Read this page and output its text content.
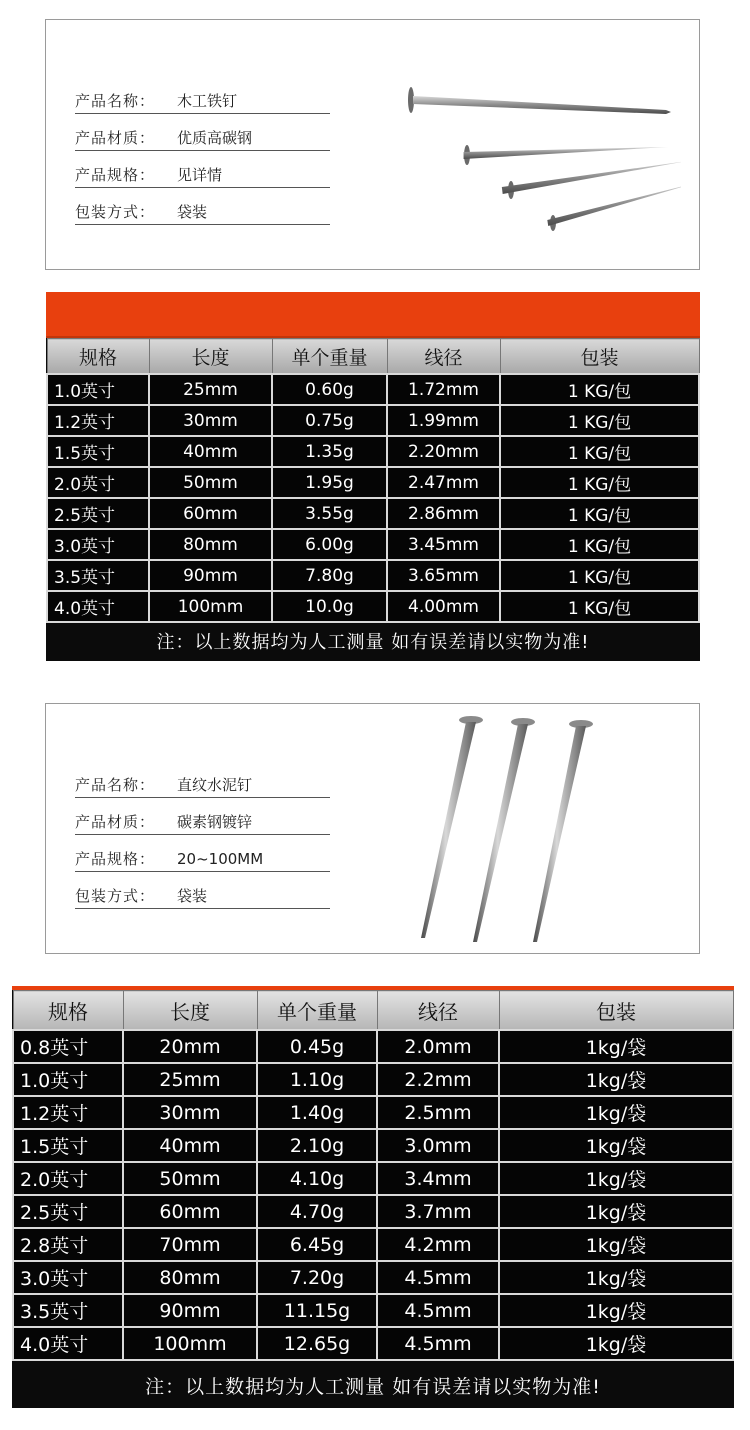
产品名称： 木工铁钉
产品材质： 优质高碳钢
产品规格： 见详情
包装方式： 袋装
规格	长度	单个重量	线径	包装
1.0英寸	25mm	0.60g	1.72mm	1 KG/包
1.2英寸	30mm	0.75g	1.99mm	1 KG/包
1.5英寸	40mm	1.35g	2.20mm	1 KG/包
2.0英寸	50mm	1.95g	2.47mm	1 KG/包
2.5英寸	60mm	3.55g	2.86mm	1 KG/包
3.0英寸	80mm	6.00g	3.45mm	1 KG/包
3.5英寸	90mm	7.80g	3.65mm	1 KG/包
4.0英寸	100mm	10.0g	4.00mm	1 KG/包
注：以上数据均为人工测量 如有误差请以实物为准!
产品名称： 直纹水泥钉
产品材质： 碳素钢镀锌
产品规格： 20~100MM
包装方式： 袋装
规格	长度	单个重量	线径	包装
0.8英寸	20mm	0.45g	2.0mm	1kg/袋
1.0英寸	25mm	1.10g	2.2mm	1kg/袋
1.2英寸	30mm	1.40g	2.5mm	1kg/袋
1.5英寸	40mm	2.10g	3.0mm	1kg/袋
2.0英寸	50mm	4.10g	3.4mm	1kg/袋
2.5英寸	60mm	4.70g	3.7mm	1kg/袋
2.8英寸	70mm	6.45g	4.2mm	1kg/袋
3.0英寸	80mm	7.20g	4.5mm	1kg/袋
3.5英寸	90mm	11.15g	4.5mm	1kg/袋
4.0英寸	100mm	12.65g	4.5mm	1kg/袋
注：以上数据均为人工测量 如有误差请以实物为准!
